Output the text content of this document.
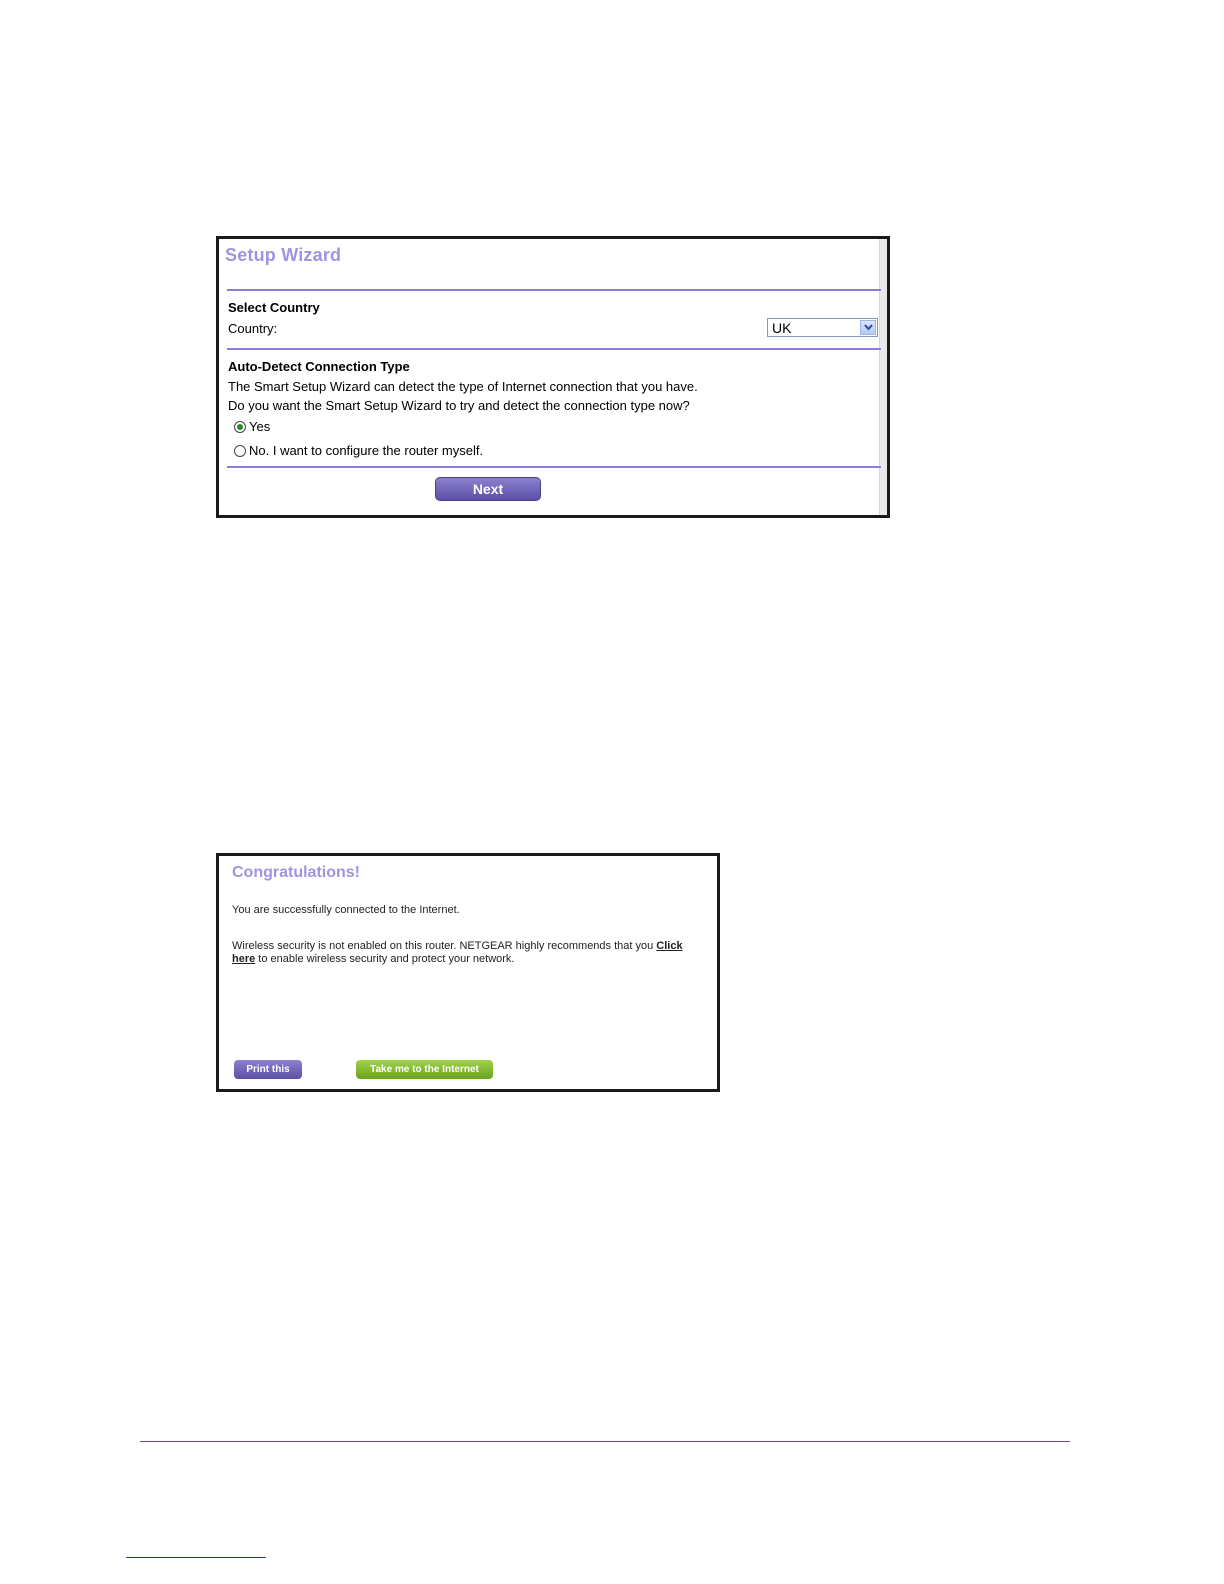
Setup Wizard
Select Country
Country:	UK
Auto-Detect Connection Type
The Smart Setup Wizard can detect the type of Internet connection that you have.
Do you want the Smart Setup Wizard to try and detect the connection type now?
Yes
No. I want to configure the router myself.
Next
Congratulations!
You are successfully connected to the Internet.
Wireless security is not enabled on this router. NETGEAR highly recommends that you Click
here to enable wireless security and protect your network.
Print this	Take me to the Internet
